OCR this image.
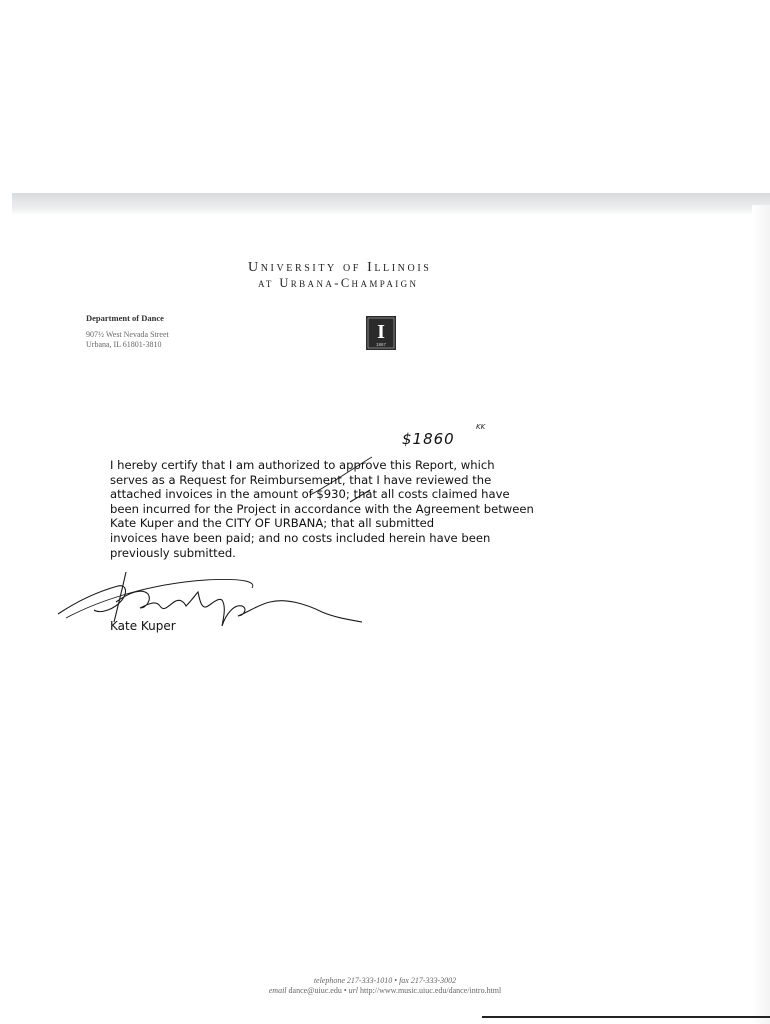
University of Illinois
at Urbana-Champaign
Department of Dance
907½ West Nevada Street
Urbana, IL 61801-3810
I
1867
$1860
KK
I hereby certify that I am authorized to approve this Report, which
serves as a Request for Reimbursement, that I have reviewed the
attached invoices in the amount of $930; that all costs claimed have
been incurred for the Project in accordance with the Agreement between
Kate Kuper and the CITY OF URBANA; that all submitted
invoices have been paid; and no costs included herein have been
previously submitted.
Kate Kuper
telephone 217-333-1010 • fax 217-333-3002
email dance@uiuc.edu • url http://www.music.uiuc.edu/dance/intro.html
